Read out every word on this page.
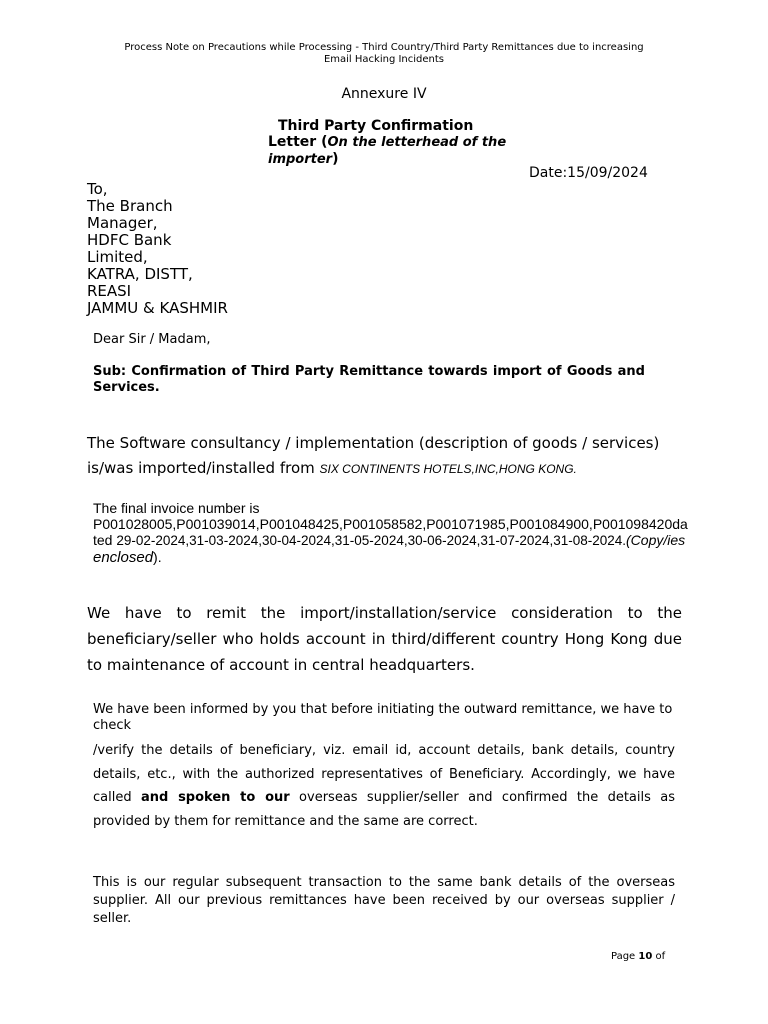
Process Note on Precautions while Processing - Third Country/Third Party Remittances due to increasing
Email Hacking Incidents
Annexure IV
Third Party Confirmation
Letter (On the letterhead of the
importer)
Date:15/09/2024
To,
The Branch
Manager,
HDFC Bank
Limited,
KATRA, DISTT,
REASI
JAMMU & KASHMIR
Dear Sir / Madam,
Sub: Confirmation of Third Party Remittance towards import of Goods and Services.
The Software consultancy / implementation (description of goods / services) is/was imported/installed from SIX CONTINENTS HOTELS,INC,HONG KONG.
The final invoice number is
P001028005,P001039014,P001048425,P001058582,P001071985,P001084900,P001098420dated 29-02-2024,31-03-2024,30-04-2024,31-05-2024,30-06-2024,31-07-2024,31-08-2024.(Copy/ies enclosed).
We have to remit the import/installation/service consideration to the beneficiary/seller who holds account in third/different country Hong Kong due to maintenance of account in central headquarters.
We have been informed by you that before initiating the outward remittance, we have to check
/verify the details of beneficiary, viz. email id, account details, bank details, country details, etc., with the authorized representatives of Beneficiary. Accordingly, we have called and spoken to our overseas supplier/seller and confirmed the details as provided by them for remittance and the same are correct.
This is our regular subsequent transaction to the same bank details of the overseas supplier. All our previous remittances have been received by our overseas supplier / seller.
Page 10 of
